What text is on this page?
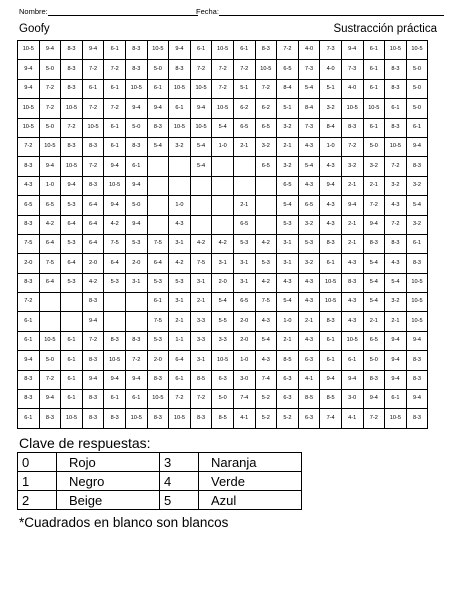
Nombre:	Fecha:
Goofy	Sustracción práctica
10-5	9-4	8-3	9-4	6-1	8-3	10-5	9-4	6-1	10-5	6-1	8-3	7-2	4-0	7-3	9-4	6-1	10-5	10-5
9-4	5-0	8-3	7-2	7-2	8-3	5-0	8-3	7-2	7-2	7-2	10-5	6-5	7-3	4-0	7-3	6-1	8-3	5-0
9-4	7-2	8-3	6-1	6-1	10-5	6-1	10-5	10-5	7-2	5-1	7-2	8-4	5-4	5-1	4-0	6-1	8-3	5-0
10-5	7-2	10-5	7-2	7-2	9-4	9-4	6-1	9-4	10-5	6-2	6-2	5-1	8-4	3-2	10-5	10-5	6-1	5-0
10-5	5-0	7-2	10-5	6-1	5-0	8-3	10-5	10-5	5-4	6-5	6-5	3-2	7-3	8-4	8-3	6-1	8-3	6-1
7-2	10-5	8-3	8-3	6-1	8-3	5-4	3-2	5-4	1-0	2-1	3-2	2-1	4-3	1-0	7-2	5-0	10-5	9-4
8-3	9-4	10-5	7-2	9-4	6-1			5-4			6-5	3-2	5-4	4-3	3-2	3-2	7-2	8-3
4-3	1-0	9-4	8-3	10-5	9-4							6-5	4-3	9-4	2-1	2-1	3-2	3-2
6-5	6-5	5-3	6-4	9-4	5-0		1-0			2-1		5-4	6-5	4-3	9-4	7-2	4-3	5-4
8-3	4-2	6-4	6-4	4-2	9-4		4-3			6-5		5-3	3-2	4-3	2-1	9-4	7-2	3-2
7-5	6-4	5-3	6-4	7-5	5-3	7-5	3-1	4-2	4-2	5-3	4-2	3-1	5-3	8-3	2-1	8-3	8-3	6-1
2-0	7-5	6-4	2-0	6-4	2-0	6-4	4-2	7-5	3-1	3-1	5-3	3-1	3-2	6-1	4-3	5-4	4-3	8-3
8-3	6-4	5-3	4-2	5-3	3-1	5-3	5-3	3-1	2-0	3-1	4-2	4-3	4-3	10-5	8-3	5-4	5-4	10-5
7-2			8-3			6-1	3-1	2-1	5-4	6-5	7-5	5-4	4-3	10-5	4-3	5-4	3-2	10-5
6-1			9-4			7-5	2-1	3-3	5-5	2-0	4-3	1-0	2-1	8-3	4-3	2-1	2-1	10-5
6-1	10-5	6-1	7-2	8-3	8-3	5-3	1-1	3-3	3-3	2-0	5-4	2-1	4-3	6-1	10-5	6-5	9-4	9-4
9-4	5-0	6-1	8-3	10-5	7-2	2-0	6-4	3-1	10-5	1-0	4-3	8-5	6-3	6-1	6-1	5-0	9-4	8-3
8-3	7-2	6-1	9-4	9-4	9-4	8-3	6-1	8-5	6-3	3-0	7-4	6-3	4-1	9-4	9-4	8-3	9-4	8-3
8-3	9-4	6-1	8-3	6-1	6-1	10-5	7-2	7-2	5-0	7-4	5-2	6-3	8-5	8-5	3-0	9-4	6-1	9-4
6-1	8-3	10-5	8-3	8-3	10-5	8-3	10-5	8-3	8-5	4-1	5-2	5-2	6-3	7-4	4-1	7-2	10-5	8-3
Clave de respuestas:
0	Rojo	3	Naranja
1	Negro	4	Verde
2	Beige	5	Azul
*Cuadrados en blanco son blancos
